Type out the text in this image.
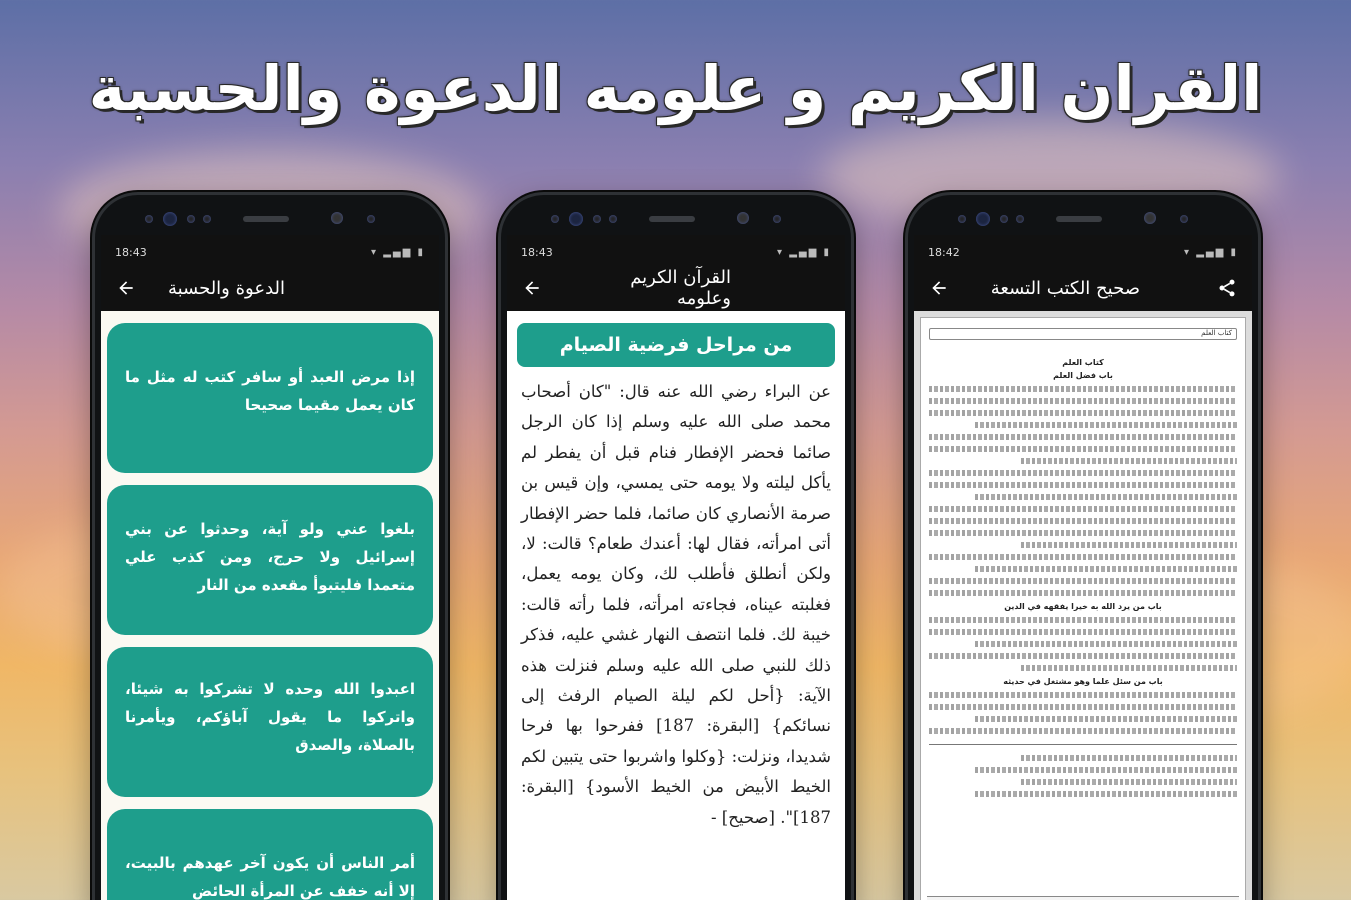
القران الكريم و علومه الدعوة والحسبة
18:43	▾ ▂▄▆ ▮
الدعوة والحسبة
إذا مرض العبد أو سافر كتب له مثل ما كان يعمل مقيما صحيحا
بلغوا عني ولو آية، وحدثوا عن بني إسرائيل ولا حرج، ومن كذب علي متعمدا فليتبوأ مقعده من النار
اعبدوا الله وحده لا تشركوا به شيئا، واتركوا ما يقول آباؤكم، ويأمرنا بالصلاة، والصدق
أمر الناس أن يكون آخر عهدهم بالبيت، إلا أنه خفف عن المرأة الحائض
18:43	▾ ▂▄▆ ▮
القرآن الكريم وعلومه
من مراحل فرضية الصيام
عن البراء رضي الله عنه قال: "كان أصحاب محمد صلى الله عليه وسلم إذا كان الرجل صائما فحضر الإفطار فنام قبل أن يفطر لم يأكل ليلته ولا يومه حتى يمسي، وإن قيس بن صرمة الأنصاري كان صائما، فلما حضر الإفطار أتى امرأته، فقال لها: أعندك طعام؟ قالت: لا، ولكن أنطلق فأطلب لك، وكان يومه يعمل، فغلبته عيناه، فجاءته امرأته، فلما رأته قالت: خيبة لك. فلما انتصف النهار غشي عليه، فذكر ذلك للنبي صلى الله عليه وسلم فنزلت هذه الآية: {أحل لكم ليلة الصيام الرفث إلى نسائكم} [البقرة: 187] ففرحوا بها فرحا شديدا، ونزلت: {وكلوا واشربوا حتى يتبين لكم الخيط الأبيض من الخيط الأسود} [البقرة: 187]". [صحيح] -
18:42	▾ ▂▄▆ ▮
صحيح الكتب التسعة
كتاب العلم
كتاب العلم
باب فضل العلم
باب من يرد الله به خيرا يفقهه في الدين
باب من سئل علما وهو مشتغل في حديثه
